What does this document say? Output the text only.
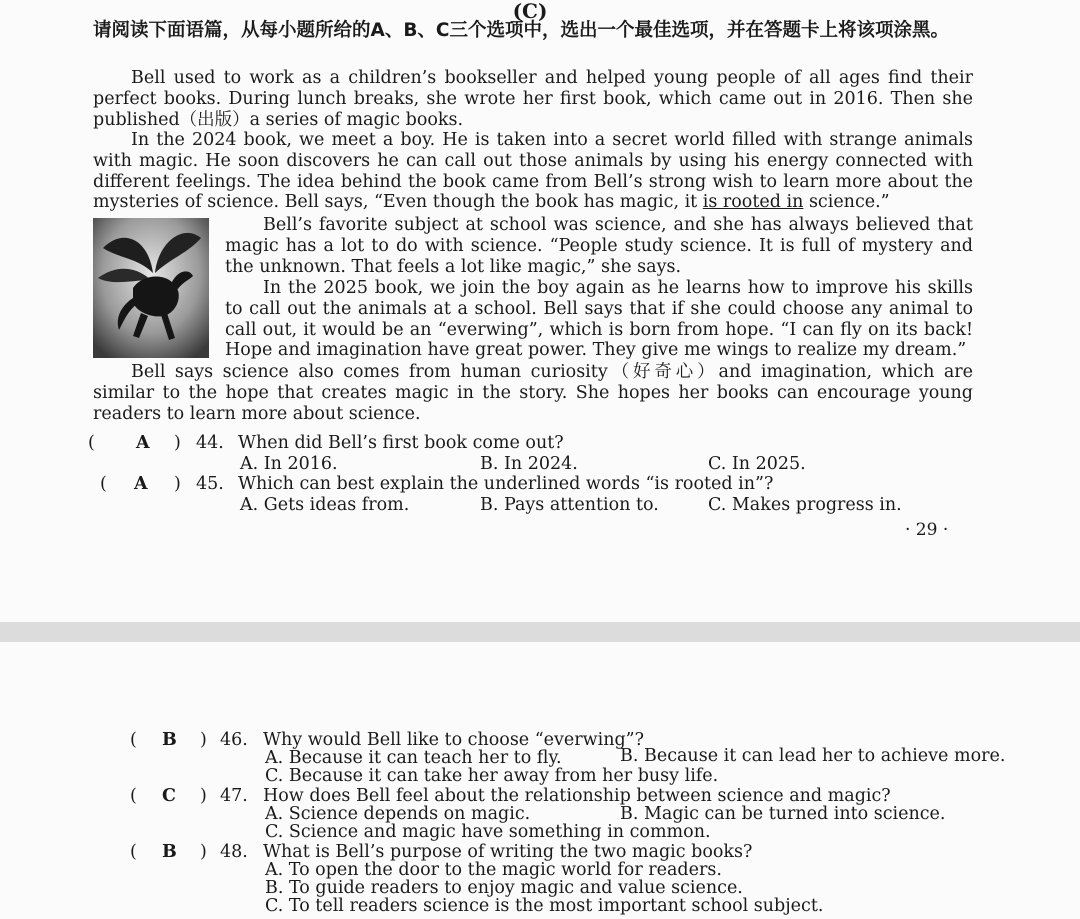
(C)
请阅读下面语篇，从每小题所给的A、B、C三个选项中，选出一个最佳选项，并在答题卡上将该项涂黑。

Bell used to work as a children’s bookseller and helped young people of all ages find their perfect books. During lunch breaks, she wrote her first book, which came out in 2016. Then she published（出版）a series of magic books.

In the 2024 book, we meet a boy. He is taken into a secret world filled with strange animals with magic. He soon discovers he can call out those animals by using his energy connected with different feelings. The idea behind the book came from Bell’s strong wish to learn more about the mysteries of science. Bell says, “Even though the book has magic, it is rooted in science.”

Bell’s favorite subject at school was science, and she has always believed that magic has a lot to do with science. “People study science. It is full of mystery and the unknown. That feels a lot like magic,” she says.

In the 2025 book, we join the boy again as he learns how to improve his skills to call out the animals at a school. Bell says that if she could choose any animal to call out, it would be an “everwing”, which is born from hope. “I can fly on its back! Hope and imagination have great power. They give me wings to realize my dream.”

Bell says science also comes from human curiosity（好奇心）and imagination, which are similar to the hope that creates magic in the story. She hopes her books can encourage young readers to learn more about science.

( A ) 44. When did Bell’s first book come out?
A. In 2016.	B. In 2024.	C. In 2025.
( A ) 45. Which can best explain the underlined words “is rooted in”?
A. Gets ideas from.	B. Pays attention to.	C. Makes progress in.
· 29 ·
( B ) 46. Why would Bell like to choose “everwing”?
A. Because it can teach her to fly.	B. Because it can lead her to achieve more.
C. Because it can take her away from her busy life.
( C ) 47. How does Bell feel about the relationship between science and magic?
A. Science depends on magic.	B. Magic can be turned into science.
C. Science and magic have something in common.
( B ) 48. What is Bell’s purpose of writing the two magic books?
A. To open the door to the magic world for readers.
B. To guide readers to enjoy magic and value science.
C. To tell readers science is the most important school subject.
